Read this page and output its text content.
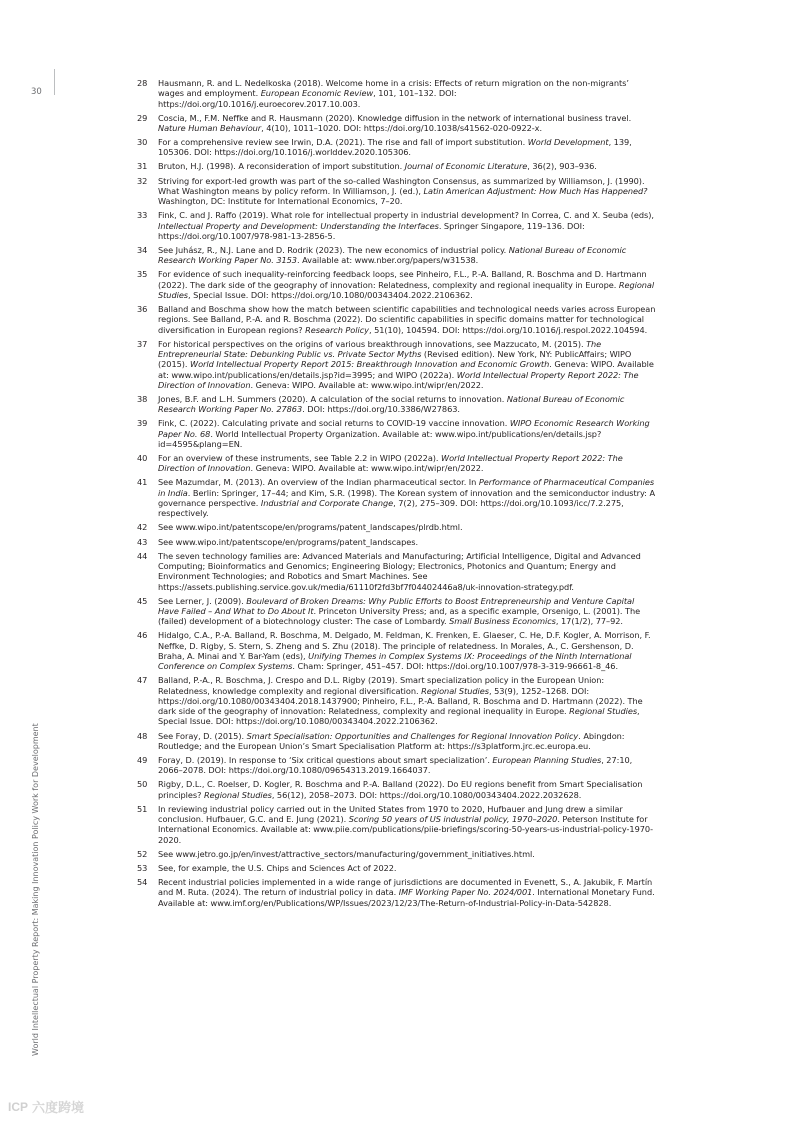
30
World Intellectual Property Report: Making Innovation Policy Work for Development
28	Hausmann, R. and L. Nedelkoska (2018). Welcome home in a crisis: Effects of return migration on the non-migrants’ wages and employment. European Economic Review, 101, 101–132. DOI: https://doi.org/10.1016/j.euroecorev.2017.10.003.
29	Coscia, M., F.M. Neffke and R. Hausmann (2020). Knowledge diffusion in the network of international business travel. Nature Human Behaviour, 4(10), 1011–1020. DOI: https://doi.org/10.1038/s41562-020-0922-x.
30	For a comprehensive review see Irwin, D.A. (2021). The rise and fall of import substitution. World Development, 139, 105306. DOI: https://doi.org/10.1016/j.worlddev.2020.105306.
31	Bruton, H.J. (1998). A reconsideration of import substitution. Journal of Economic Literature, 36(2), 903–936.
32	Striving for export-led growth was part of the so-called Washington Consensus, as summarized by Williamson, J. (1990). What Washington means by policy reform. In Williamson, J. (ed.), Latin American Adjustment: How Much Has Happened? Washington, DC: Institute for International Economics, 7–20.
33	Fink, C. and J. Raffo (2019). What role for intellectual property in industrial development? In Correa, C. and X. Seuba (eds), Intellectual Property and Development: Understanding the Interfaces. Springer Singapore, 119–136. DOI: https://doi.org/10.1007/978-981-13-2856-5.
34	See Juhász, R., N.J. Lane and D. Rodrik (2023). The new economics of industrial policy. National Bureau of Economic Research Working Paper No. 3153. Available at: www.nber.org/papers/w31538.
35	For evidence of such inequality-reinforcing feedback loops, see Pinheiro, F.L., P.-A. Balland, R. Boschma and D. Hartmann (2022). The dark side of the geography of innovation: Relatedness, complexity and regional inequality in Europe. Regional Studies, Special Issue. DOI: https://doi.org/10.1080/00343404.2022.2106362.
36	Balland and Boschma show how the match between scientific capabilities and technological needs varies across European regions. See Balland, P.-A. and R. Boschma (2022). Do scientific capabilities in specific domains matter for technological diversification in European regions? Research Policy, 51(10), 104594. DOI: https://doi.org/10.1016/j.respol.2022.104594.
37	For historical perspectives on the origins of various breakthrough innovations, see Mazzucato, M. (2015). The Entrepreneurial State: Debunking Public vs. Private Sector Myths (Revised edition). New York, NY: PublicAffairs; WIPO (2015). World Intellectual Property Report 2015: Breakthrough Innovation and Economic Growth. Geneva: WIPO. Available at: www.wipo.int/publications/en/details.jsp?id=3995; and WIPO (2022a). World Intellectual Property Report 2022: The Direction of Innovation. Geneva: WIPO. Available at: www.wipo.int/wipr/en/2022.
38	Jones, B.F. and L.H. Summers (2020). A calculation of the social returns to innovation. National Bureau of Economic Research Working Paper No. 27863. DOI: https://doi.org/10.3386/W27863.
39	Fink, C. (2022). Calculating private and social returns to COVID-19 vaccine innovation. WIPO Economic Research Working Paper No. 68. World Intellectual Property Organization. Available at: www.wipo.int/publications/en/details.jsp?id=4595&plang=EN.
40	For an overview of these instruments, see Table 2.2 in WIPO (2022a). World Intellectual Property Report 2022: The Direction of Innovation. Geneva: WIPO. Available at: www.wipo.int/wipr/en/2022.
41	See Mazumdar, M. (2013). An overview of the Indian pharmaceutical sector. In Performance of Pharmaceutical Companies in India. Berlin: Springer, 17–44; and Kim, S.R. (1998). The Korean system of innovation and the semiconductor industry: A governance perspective. Industrial and Corporate Change, 7(2), 275–309. DOI: https://doi.org/10.1093/icc/7.2.275, respectively.
42	See www.wipo.int/patentscope/en/programs/patent_landscapes/plrdb.html.
43	See www.wipo.int/patentscope/en/programs/patent_landscapes.
44	The seven technology families are: Advanced Materials and Manufacturing; Artificial Intelligence, Digital and Advanced Computing; Bioinformatics and Genomics; Engineering Biology; Electronics, Photonics and Quantum; Energy and Environment Technologies; and Robotics and Smart Machines. See https://assets.publishing.service.gov.uk/media/61110f2fd3bf7f04402446a8/uk-innovation-strategy.pdf.
45	See Lerner, J. (2009). Boulevard of Broken Dreams: Why Public Efforts to Boost Entrepreneurship and Venture Capital Have Failed – And What to Do About It. Princeton University Press; and, as a specific example, Orsenigo, L. (2001). The (failed) development of a biotechnology cluster: The case of Lombardy. Small Business Economics, 17(1/2), 77–92.
46	Hidalgo, C.A., P.-A. Balland, R. Boschma, M. Delgado, M. Feldman, K. Frenken, E. Glaeser, C. He, D.F. Kogler, A. Morrison, F. Neffke, D. Rigby, S. Stern, S. Zheng and S. Zhu (2018). The principle of relatedness. In Morales, A., C. Gershenson, D. Braha, A. Minai and Y. Bar-Yam (eds), Unifying Themes in Complex Systems IX: Proceedings of the Ninth International Conference on Complex Systems. Cham: Springer, 451–457. DOI: https://doi.org/10.1007/978-3-319-96661-8_46.
47	Balland, P.-A., R. Boschma, J. Crespo and D.L. Rigby (2019). Smart specialization policy in the European Union: Relatedness, knowledge complexity and regional diversification. Regional Studies, 53(9), 1252–1268. DOI: https://doi.org/10.1080/00343404.2018.1437900; Pinheiro, F.L., P.-A. Balland, R. Boschma and D. Hartmann (2022). The dark side of the geography of innovation: Relatedness, complexity and regional inequality in Europe. Regional Studies, Special Issue. DOI: https://doi.org/10.1080/00343404.2022.2106362.
48	See Foray, D. (2015). Smart Specialisation: Opportunities and Challenges for Regional Innovation Policy. Abingdon: Routledge; and the European Union’s Smart Specialisation Platform at: https://s3platform.jrc.ec.europa.eu.
49	Foray, D. (2019). In response to ‘Six critical questions about smart specialization’. European Planning Studies, 27:10, 2066–2078. DOI: https://doi.org/10.1080/09654313.2019.1664037.
50	Rigby, D.L., C. Roelser, D. Kogler, R. Boschma and P.-A. Balland (2022). Do EU regions benefit from Smart Specialisation principles? Regional Studies, 56(12), 2058–2073. DOI: https://doi.org/10.1080/00343404.2022.2032628.
51	In reviewing industrial policy carried out in the United States from 1970 to 2020, Hufbauer and Jung drew a similar conclusion. Hufbauer, G.C. and E. Jung (2021). Scoring 50 years of US industrial policy, 1970–2020. Peterson Institute for International Economics. Available at: www.piie.com/publications/piie-briefings/scoring-50-years-us-industrial-policy-1970-2020.
52	See www.jetro.go.jp/en/invest/attractive_sectors/manufacturing/government_initiatives.html.
53	See, for example, the U.S. Chips and Sciences Act of 2022.
54	Recent industrial policies implemented in a wide range of jurisdictions are documented in Evenett, S., A. Jakubik, F. Martín and M. Ruta. (2024). The return of industrial policy in data. IMF Working Paper No. 2024/001. International Monetary Fund. Available at: www.imf.org/en/Publications/WP/Issues/2023/12/23/The-Return-of-Industrial-Policy-in-Data-542828.
ICP 六度跨境
